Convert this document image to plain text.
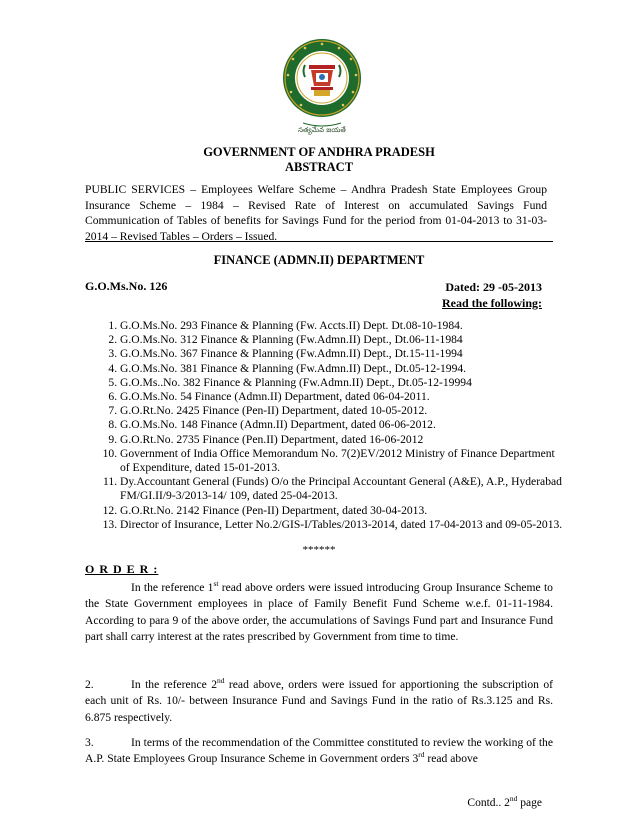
సత్యమేవ జయతే
GOVERNMENT OF ANDHRA PRADESH
ABSTRACT
PUBLIC SERVICES – Employees Welfare Scheme – Andhra Pradesh State Employees Group Insurance Scheme – 1984 – Revised Rate of Interest on accumulated Savings Fund Communication of Tables of benefits for Savings Fund for the period from 01-04-2013 to 31-03-2014 – Revised Tables – Orders – Issued.
FINANCE (ADMN.II) DEPARTMENT
G.O.Ms.No. 126	Dated: 29 -05-2013
Read the following:
1. G.O.Ms.No. 293 Finance & Planning (Fw. Accts.II) Dept. Dt.08-10-1984.
2. G.O.Ms.No. 312 Finance & Planning (Fw.Admn.II) Dept., Dt.06-11-1984
3. G.O.Ms.No. 367 Finance & Planning (Fw.Admn.II) Dept., Dt.15-11-1994
4. G.O.Ms.No. 381 Finance & Planning (Fw.Admn.II) Dept., Dt.05-12-1994.
5. G.O.Ms..No. 382 Finance & Planning (Fw.Admn.II) Dept., Dt.05-12-19994
6. G.O.Ms.No. 54 Finance (Admn.II) Department, dated 06-04-2011.
7. G.O.Rt.No. 2425 Finance (Pen-II) Department, dated 10-05-2012.
8. G.O.Ms.No. 148 Finance (Admn.II) Department, dated 06-06-2012.
9. G.O.Rt.No. 2735 Finance (Pen.II) Department, dated 16-06-2012
10. Government of India Office Memorandum No. 7(2)EV/2012 Ministry of Finance Department of Expenditure, dated 15-01-2013.
11. Dy.Accountant General (Funds) O/o the Principal Accountant General (A&E), A.P., Hyderabad FM/GI.II/9-3/2013-14/ 109, dated 25-04-2013.
12. G.O.Rt.No. 2142 Finance (Pen-II) Department, dated 30-04-2013.
13. Director of Insurance, Letter No.2/GIS-I/Tables/2013-2014, dated 17-04-2013 and 09-05-2013.
******
O R D E R :
In the reference 1st read above orders were issued introducing Group Insurance Scheme to the State Government employees in place of Family Benefit Fund Scheme w.e.f. 01-11-1984. According to para 9 of the above order, the accumulations of Savings Fund part and Insurance Fund part shall carry interest at the rates prescribed by Government from time to time.
2.	In the reference 2nd read above, orders were issued for apportioning the subscription of each unit of Rs. 10/- between Insurance Fund and Savings Fund in the ratio of Rs.3.125 and Rs. 6.875 respectively.
3.	In terms of the recommendation of the Committee constituted to review the working of the A.P. State Employees Group Insurance Scheme in Government orders 3rd read above
Contd.. 2nd page
